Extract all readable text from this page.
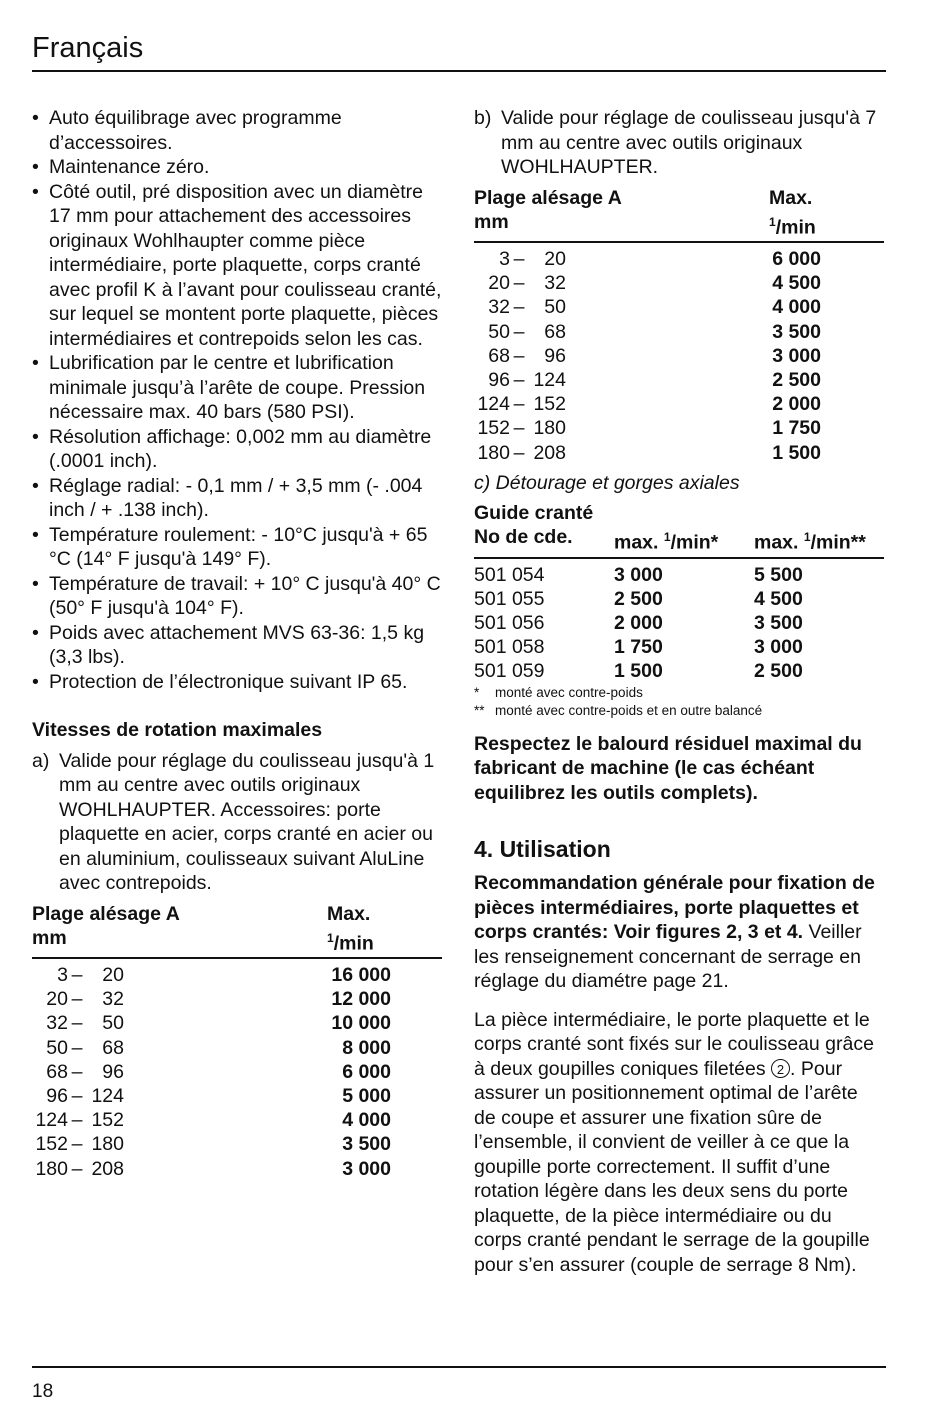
Français
• Auto équilibrage avec programme d’accessoires.
• Maintenance zéro.
• Côté outil, pré disposition avec un diamètre 17 mm pour attachement des accessoires originaux Wohlhaupter comme pièce intermédiaire, porte plaquette, corps cranté avec profil K à l’avant pour coulisseau cranté, sur lequel se montent porte plaquette, pièces intermédiaires et contrepoids selon les cas.
• Lubrification par le centre et lubrification minimale jusqu’à l’arête de coupe. Pression nécessaire max. 40 bars (580 PSI).
• Résolution affichage: 0,002 mm au diamètre (.0001 inch).
• Réglage radial: - 0,1 mm / + 3,5 mm (- .004 inch / + .138 inch).
• Température roulement: - 10°C jusqu'à + 65 °C (14° F jusqu'à 149° F).
• Température de travail: + 10° C jusqu'à 40° C (50° F jusqu'à 104° F).
• Poids avec attachement MVS 63-36: 1,5 kg (3,3 lbs).
• Protection de l’électronique suivant IP 65.
Vitesses de rotation maximales
a) Valide pour réglage du coulisseau jusqu'à 1 mm au centre avec outils originaux WOHLHAUPTER. Accessoires: porte plaquette en acier, corps cranté en acier ou en aluminium, coulisseaux suivant AluLine avec contrepoids.
Plage alésage A
mm
Max.
$^1$/min
3 – 20	16 000
20 – 32	12 000
32 – 50	10 000
50 – 68	8 000
68 – 96	6 000
96 – 124	5 000
124 – 152	4 000
152 – 180	3 500
180 – 208	3 000
b) Valide pour réglage de coulisseau jusqu'à 7 mm au centre avec outils originaux WOHLHAUPTER.
Plage alésage A
mm
Max.
$^1$/min
3 – 20	6 000
20 – 32	4 500
32 – 50	4 000
50 – 68	3 500
68 – 96	3 000
96 – 124	2 500
124 – 152	2 000
152 – 180	1 750
180 – 208	1 500
c) Détourage et gorges axiales
Guide cranté
No de cde.
	max. $^1$/min*
	max. $^1$/min**
501 054	3 000	5 500
501 055	2 500	4 500
501 056	2 000	3 500
501 058	1 750	3 000
501 059	1 500	2 500
*	monté avec contre-poids
** monté avec contre-poids et en outre balancé
Respectez le balourd résiduel maximal du fabricant de machine (le cas échéant equilibrez les outils complets).
4. Utilisation

Recommandation générale pour fixation de pièces intermédiaires, porte plaquettes et corps crantés: Voir figures 2, 3 et 4. Veiller les renseignement concernant de serrage en réglage du diamétre page 21.

La pièce intermédiaire, le porte plaquette et le corps cranté sont fixés sur le coulisseau grâce à deux goupilles coniques filetées 2 . Pour assurer un positionnement optimal de l’arête de coupe et assurer une fixation sûre de l’ensemble, il convient de veiller à ce que la goupille porte correctement. Il suffit d’une rotation légère dans les deux sens du porte plaquette, de la pièce intermédiaire ou du corps cranté pendant le serrage de la goupille pour s’en assurer (couple de serrage 8 Nm).

18
